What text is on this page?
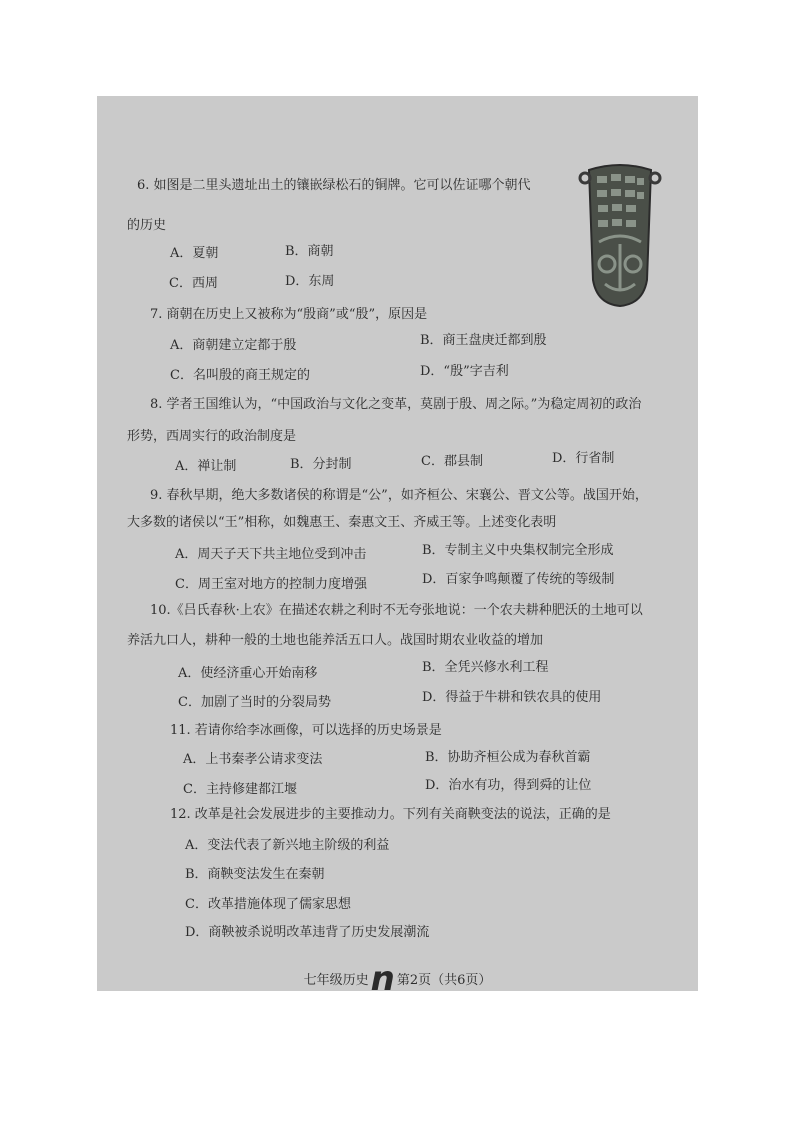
6. 如图是二里头遗址出土的镶嵌绿松石的铜牌。它可以佐证哪个朝代
的历史
A．夏朝	B．商朝
C．西周	D．东周
7. 商朝在历史上又被称为“殷商”或“殷”，原因是
A．商朝建立定都于殷	B．商王盘庚迁都到殷
C．名叫殷的商王规定的	D．“殷”字吉利
8. 学者王国维认为，“中国政治与文化之变革，莫剧于殷、周之际。”为稳定周初的政治
形势，西周实行的政治制度是
A．禅让制	B．分封制	C．郡县制	D．行省制
9. 春秋早期，绝大多数诸侯的称谓是“公”，如齐桓公、宋襄公、晋文公等。战国开始，
大多数的诸侯以“王”相称，如魏惠王、秦惠文王、齐威王等。上述变化表明
A．周天子天下共主地位受到冲击	B．专制主义中央集权制完全形成
C．周王室对地方的控制力度增强	D．百家争鸣颠覆了传统的等级制
10.《吕氏春秋·上农》在描述农耕之利时不无夸张地说：一个农夫耕种肥沃的土地可以
养活九口人，耕种一般的土地也能养活五口人。战国时期农业收益的增加
A．使经济重心开始南移	B．全凭兴修水利工程
C．加剧了当时的分裂局势	D．得益于牛耕和铁农具的使用
11. 若请你给李冰画像，可以选择的历史场景是
A．上书秦孝公请求变法	B．协助齐桓公成为春秋首霸
C．主持修建都江堰	D．治水有功，得到舜的让位
12. 改革是社会发展进步的主要推动力。下列有关商鞅变法的说法，正确的是
A．变法代表了新兴地主阶级的利益
B．商鞅变法发生在秦朝
C．改革措施体现了儒家思想
D．商鞅被杀说明改革违背了历史发展潮流
七年级历史n 第2页（共6页）
